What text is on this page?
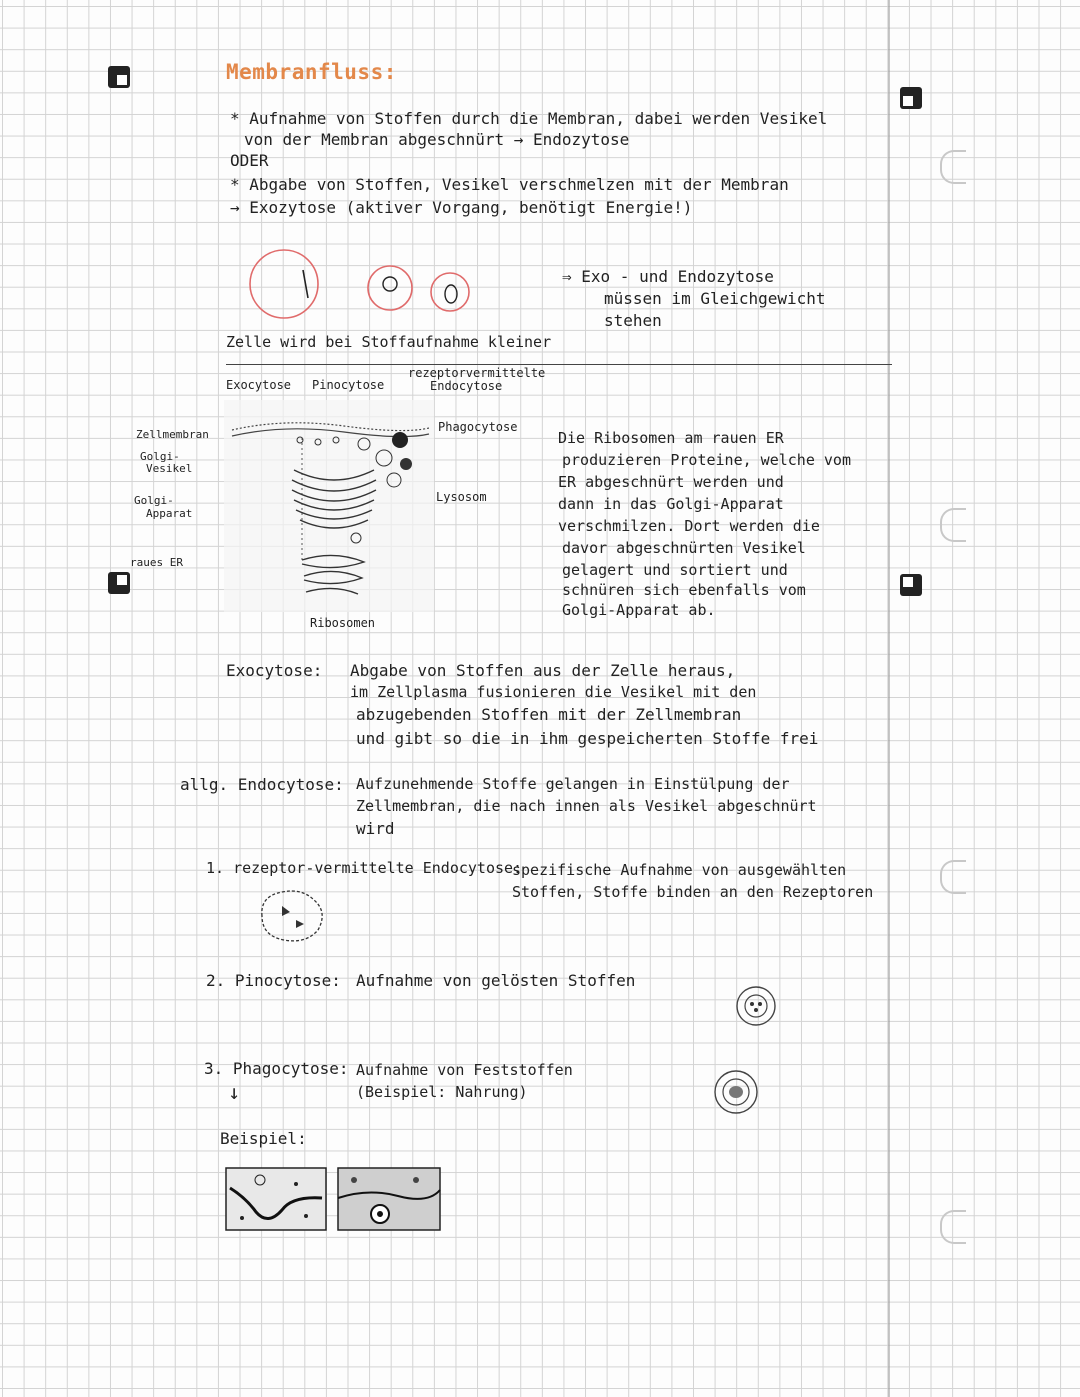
Membranfluss:
* Aufnahme von Stoffen durch die Membran, dabei werden Vesikel
von der Membran abgeschnürt → Endozytose
ODER
* Abgabe von Stoffen, Vesikel verschmelzen mit der Membran
→ Exozytose (aktiver Vorgang, benötigt Energie!)
⇒ Exo - und Endozytose
müssen im Gleichgewicht
stehen
Zelle wird bei Stoffaufnahme kleiner
Exocytose Pinocytose
rezeptorvermittelte
Endocytose
Phagocytose
Lysosom
Zellmembran
Golgi-
Vesikel
Golgi-
Apparat
raues ER
Ribosomen
Die Ribosomen am rauen ER
produzieren Proteine, welche vom
ER abgeschnürt werden und
dann in das Golgi-Apparat
verschmilzen. Dort werden die
davor abgeschnürten Vesikel
gelagert und sortiert und
schnüren sich ebenfalls vom
Golgi-Apparat ab.
Exocytose: Abgabe von Stoffen aus der Zelle heraus,
im Zellplasma fusionieren die Vesikel mit den
abzugebenden Stoffen mit der Zellmembran
und gibt so die in ihm gespeicherten Stoffe frei
allg. Endocytose: Aufzunehmende Stoffe gelangen in Einstülpung der
Zellmembran, die nach innen als Vesikel abgeschnürt
wird
1. rezeptor-vermittelte Endocytose:
spezifische Aufnahme von ausgewählten
Stoffen, Stoffe binden an den Rezeptoren
2. Pinocytose: Aufnahme von gelösten Stoffen
3. Phagocytose: Aufnahme von Feststoffen
(Beispiel: Nahrung)
↓
Beispiel:
